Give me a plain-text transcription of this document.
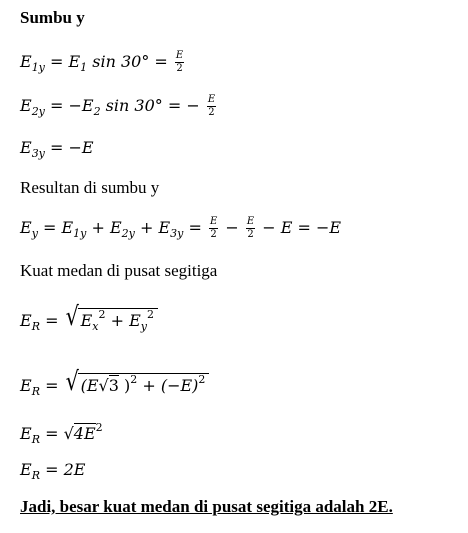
Sumbu y
$E_{1y} = E_1$ $\sin 30^\circ = \frac{E}{2}$
$E_{2y} = -E_2$ sin 30° = − $\frac{E}{2}$
$E_{3y} = -E$
Resultan di sumbu y
$E_y = E_{1y} + E_{2y} + E_{3y} = \frac{E}{2} - \frac{E}{2} - E = -E$
Kuat medan di pusat segitiga
$E_R$ = √ $E_x^2 + E_y^2$
$E_R$ = √ (E√3 )$^2 + (-E)^2$
$E_R = √4E^2$
$E_R = 2E$
Jadi, besar kuat medan di pusat segitiga adalah 2E.
